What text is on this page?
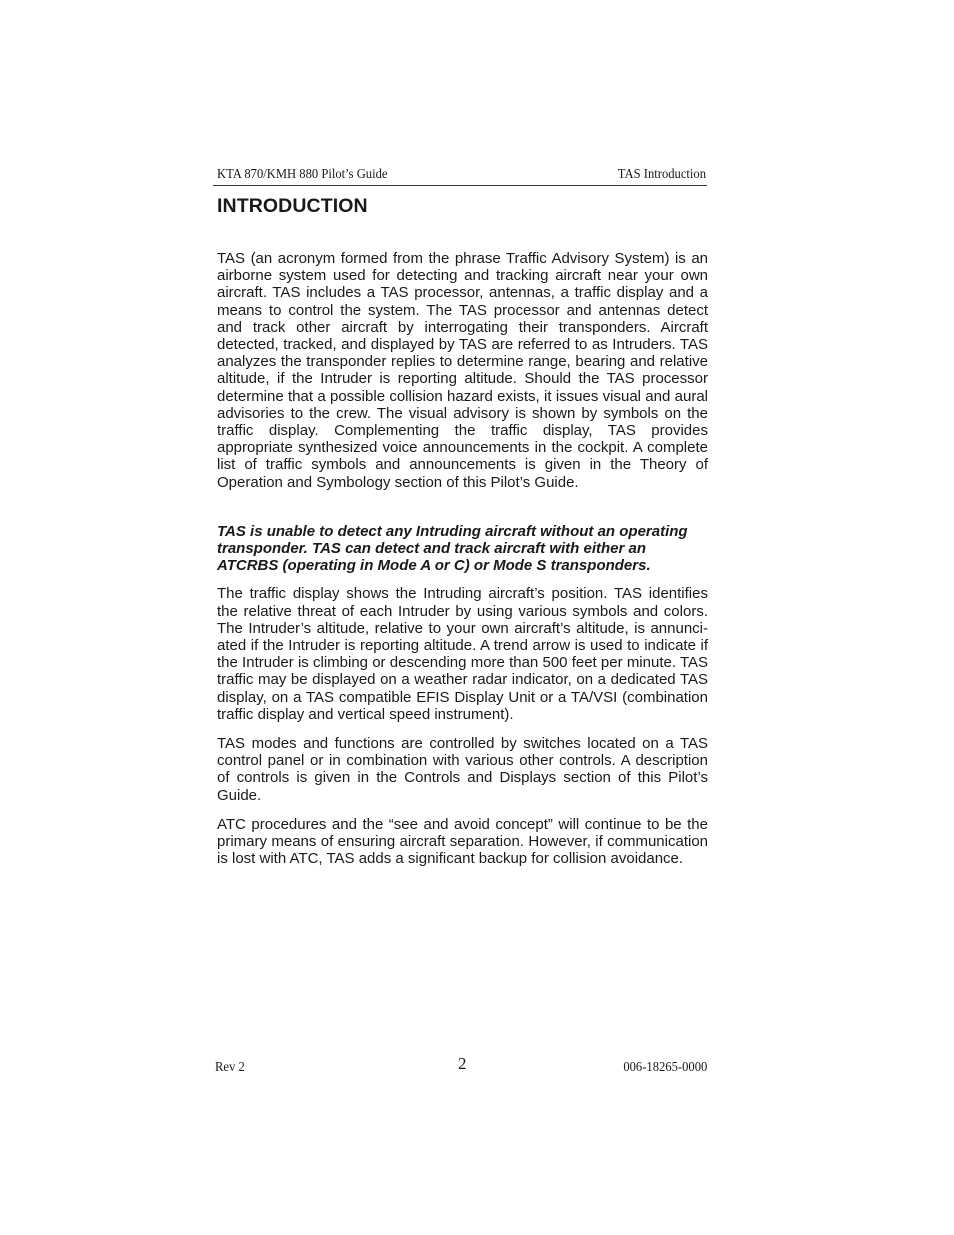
KTA 870/KMH 880 Pilot’s Guide	TAS Introduction
INTRODUCTION

TAS (an acronym formed from the phrase Traffic Advisory System) is an airborne system used for detecting and tracking aircraft near your own aircraft. TAS includes a TAS processor, antennas, a traffic display and a means to control the system. The TAS processor and antennas detect and track other aircraft by interrogating their transponders. Aircraft detected, tracked, and displayed by TAS are referred to as Intruders. TAS analyzes the transponder replies to determine range, bearing and relative altitude, if the Intruder is reporting altitude. Should the TAS processor determine that a possible collision hazard exists, it issues visual and aural advisories to the crew. The visual advisory is shown by symbols on the traffic display. Complementing the traffic display, TAS provides appropriate synthesized voice announcements in the cockpit. A complete list of traffic symbols and announcements is given in the Theory of Operation and Symbology section of this Pilot’s Guide.

TAS is unable to detect any Intruding aircraft without an operating transponder. TAS can detect and track aircraft with either an ATCRBS (operating in Mode A or C) or Mode S transponders.

The traffic display shows the Intruding aircraft’s position. TAS identifies the relative threat of each Intruder by using various symbols and colors. The Intruder’s altitude, relative to your own aircraft’s altitude, is annunciated if the Intruder is reporting altitude. A trend arrow is used to indicate if the Intruder is climbing or descending more than 500 feet per minute. TAS traffic may be displayed on a weather radar indicator, on a dedicated TAS display, on a TAS compatible EFIS Display Unit or a TA/VSI (combination traffic display and vertical speed instrument).

TAS modes and functions are controlled by switches located on a TAS control panel or in combination with various other controls. A description of controls is given in the Controls and Displays section of this Pilot’s Guide.

ATC procedures and the “see and avoid concept” will continue to be the primary means of ensuring aircraft separation. However, if communication is lost with ATC, TAS adds a significant backup for collision avoidance.

Rev 2	2	006-18265-0000
